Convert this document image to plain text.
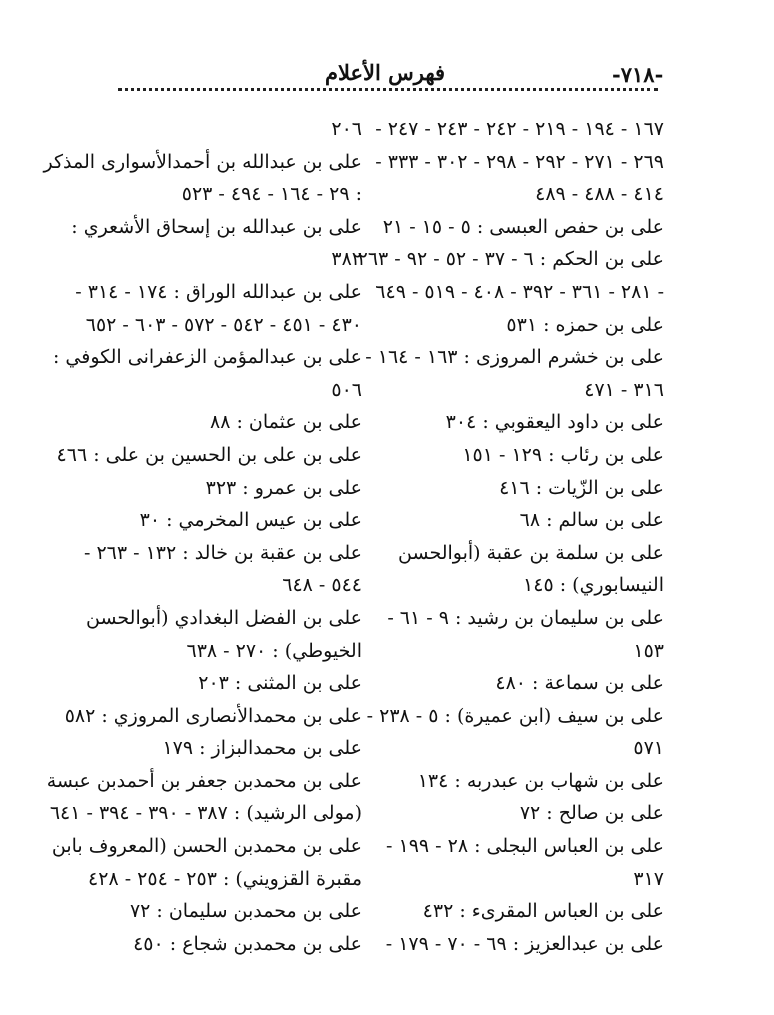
-٧١٨-
فهرس الأعلام
١٦٧ - ١٩٤ - ٢١٩ - ٢٤٢ - ٢٤٣ - ٢٤٧ -
٢٦٩ - ٢٧١ - ٢٩٢ - ٢٩٨ - ٣٠٢ - ٣٣٣ -
٤١٤ - ٤٨٨ - ٤٨٩
على بن حفص العبسى : ٥ - ١٥ - ٢١
على بن الحكم : ٦ - ٣٧ - ٥٢ - ٩٢ - ٢٦٣
- ٢٨١ - ٣٦١ - ٣٩٢ - ٤٠٨ - ٥١٩ - ٦٤٩
على بن حمزه : ٥٣١
على بن خشرم المروزى : ١٦٣ - ١٦٤ -
٣١٦ - ٤٧١
على بن داود اليعقوبي : ٣٠٤
على بن رئاب : ١٢٩ - ١٥١
على بن الزّيات : ٤١٦
على بن سالم : ٦٨
على بن سلمة بن عقبة (أبوالحسن
النيسابوري) : ١٤٥
على بن سليمان بن رشيد : ٩ - ٦١ -
١٥٣
على بن سماعة : ٤٨٠
على بن سيف (ابن عميرة) : ٥ - ٢٣٨ -
٥٧١
على بن شهاب بن عبدربه : ١٣٤
على بن صالح : ٧٢
على بن العباس البجلى : ٢٨ - ١٩٩ -
٣١٧
على بن العباس المقرىء : ٤٣٢
على بن عبدالعزيز : ٦٩ - ٧٠ - ١٧٩ -
٢٠٦
على بن عبدالله بن أحمدالأسوارى المذكر
: ٢٩ - ١٦٤ - ٤٩٤ - ٥٢٣
على بن عبدالله بن إسحاق الأشعري :
٣٨٢
على بن عبدالله الوراق : ١٧٤ - ٣١٤ -
٤٣٠ - ٤٥١ - ٥٤٢ - ٥٧٢ - ٦٠٣ - ٦٥٢
على بن عبدالمؤمن الزعفرانى الكوفي :
٥٠٦
على بن عثمان : ٨٨
على بن على بن الحسين بن على : ٤٦٦
على بن عمرو : ٣٢٣
على بن عيس المخرمي : ٣٠
على بن عقبة بن خالد : ١٣٢ - ٢٦٣ -
٥٤٤ - ٦٤٨
على بن الفضل البغدادي (أبوالحسن
الخيوطي) : ٢٧٠ - ٦٣٨
على بن المثنى : ٢٠٣
على بن محمدالأنصارى المروزي : ٥٨٢
على بن محمدالبزاز : ١٧٩
على بن محمدبن جعفر بن أحمدبن عبسة
(مولى الرشيد) : ٣٨٧ - ٣٩٠ - ٣٩٤ - ٦٤١
على بن محمدبن الحسن (المعروف بابن
مقبرة القزويني) : ٢٥٣ - ٢٥٤ - ٤٢٨
على بن محمدبن سليمان : ٧٢
على بن محمدبن شجاع : ٤٥٠
